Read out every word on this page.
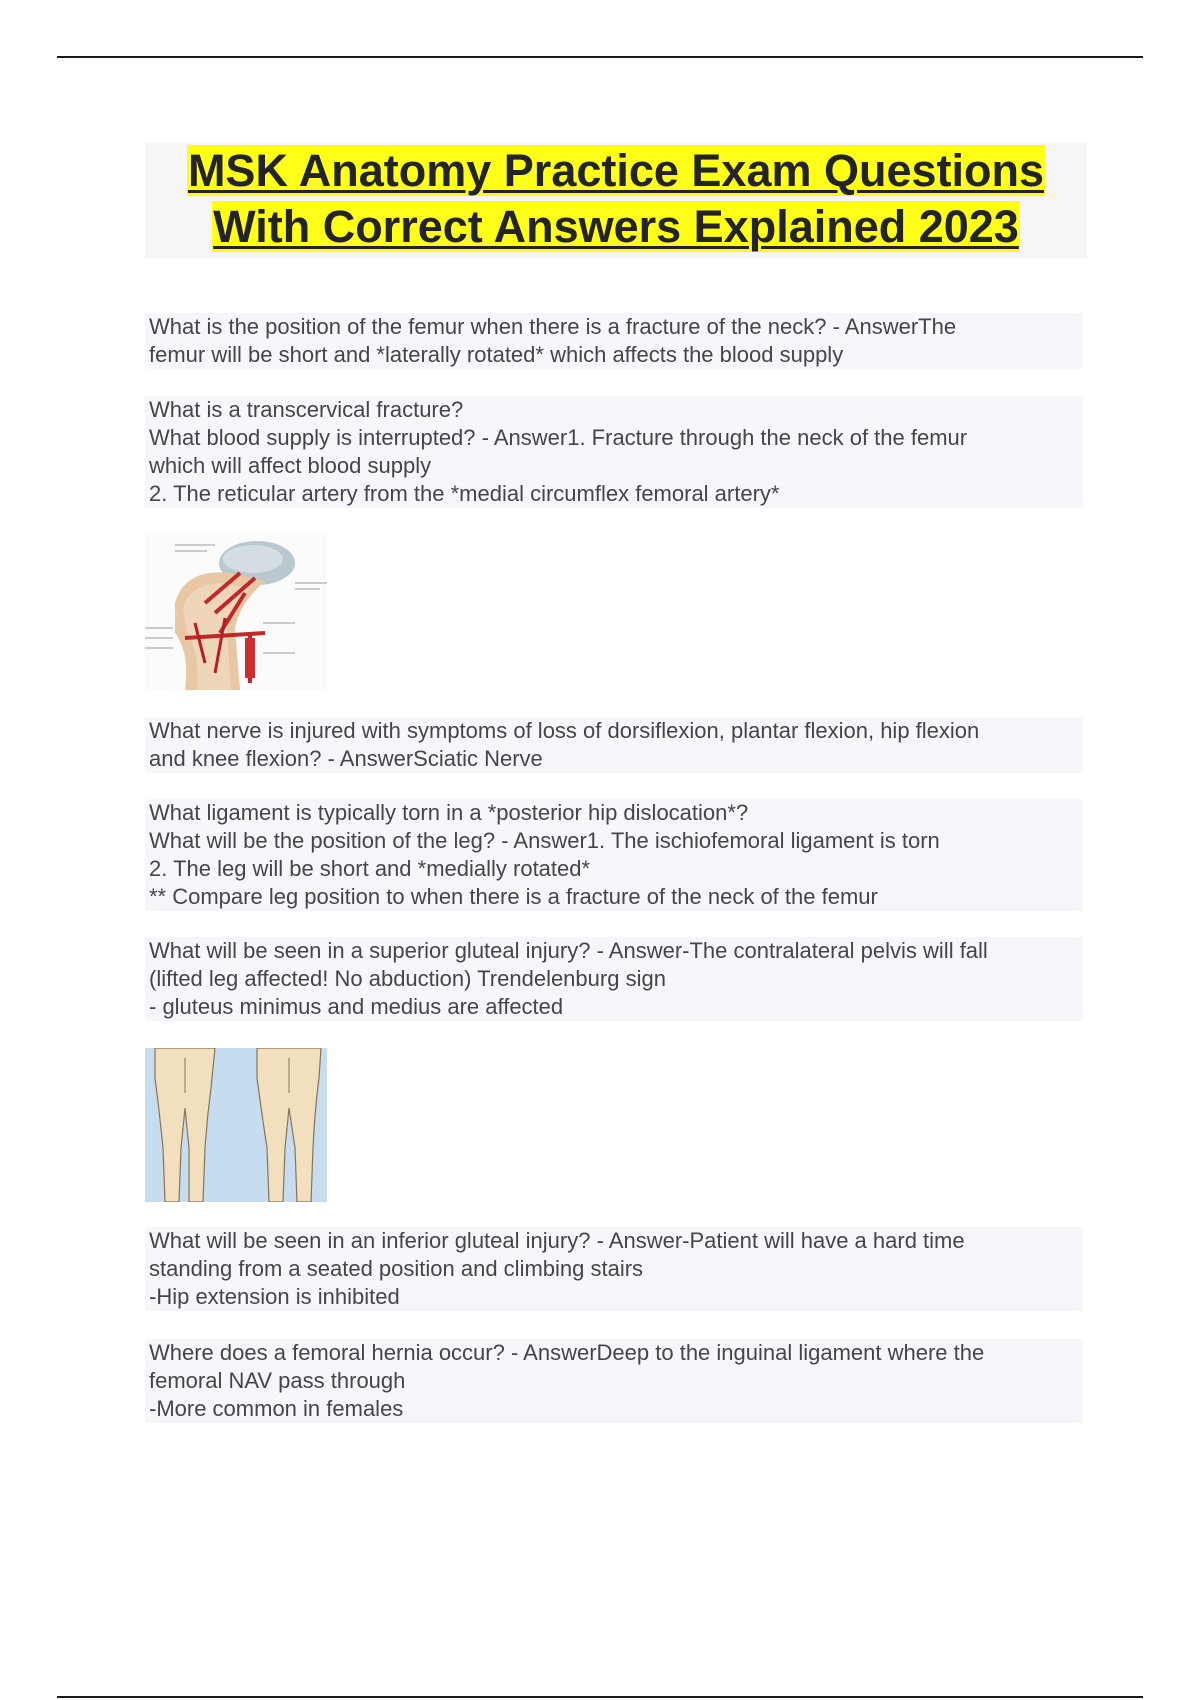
MSK Anatomy Practice Exam Questions
With Correct Answers Explained 2023
What is the position of the femur when there is a fracture of the neck? - AnswerThe
femur will be short and *laterally rotated* which affects the blood supply
What is a transcervical fracture?
What blood supply is interrupted? - Answer1. Fracture through the neck of the femur
which will affect blood supply
2. The reticular artery from the *medial circumflex femoral artery*
What nerve is injured with symptoms of loss of dorsiflexion, plantar flexion, hip flexion
and knee flexion? - AnswerSciatic Nerve
What ligament is typically torn in a *posterior hip dislocation*?
What will be the position of the leg? - Answer1. The ischiofemoral ligament is torn
2. The leg will be short and *medially rotated*
** Compare leg position to when there is a fracture of the neck of the femur
What will be seen in a superior gluteal injury? - Answer-The contralateral pelvis will fall
(lifted leg affected! No abduction) Trendelenburg sign
- gluteus minimus and medius are affected
What will be seen in an inferior gluteal injury? - Answer-Patient will have a hard time
standing from a seated position and climbing stairs
-Hip extension is inhibited
Where does a femoral hernia occur? - AnswerDeep to the inguinal ligament where the
femoral NAV pass through
-More common in females
